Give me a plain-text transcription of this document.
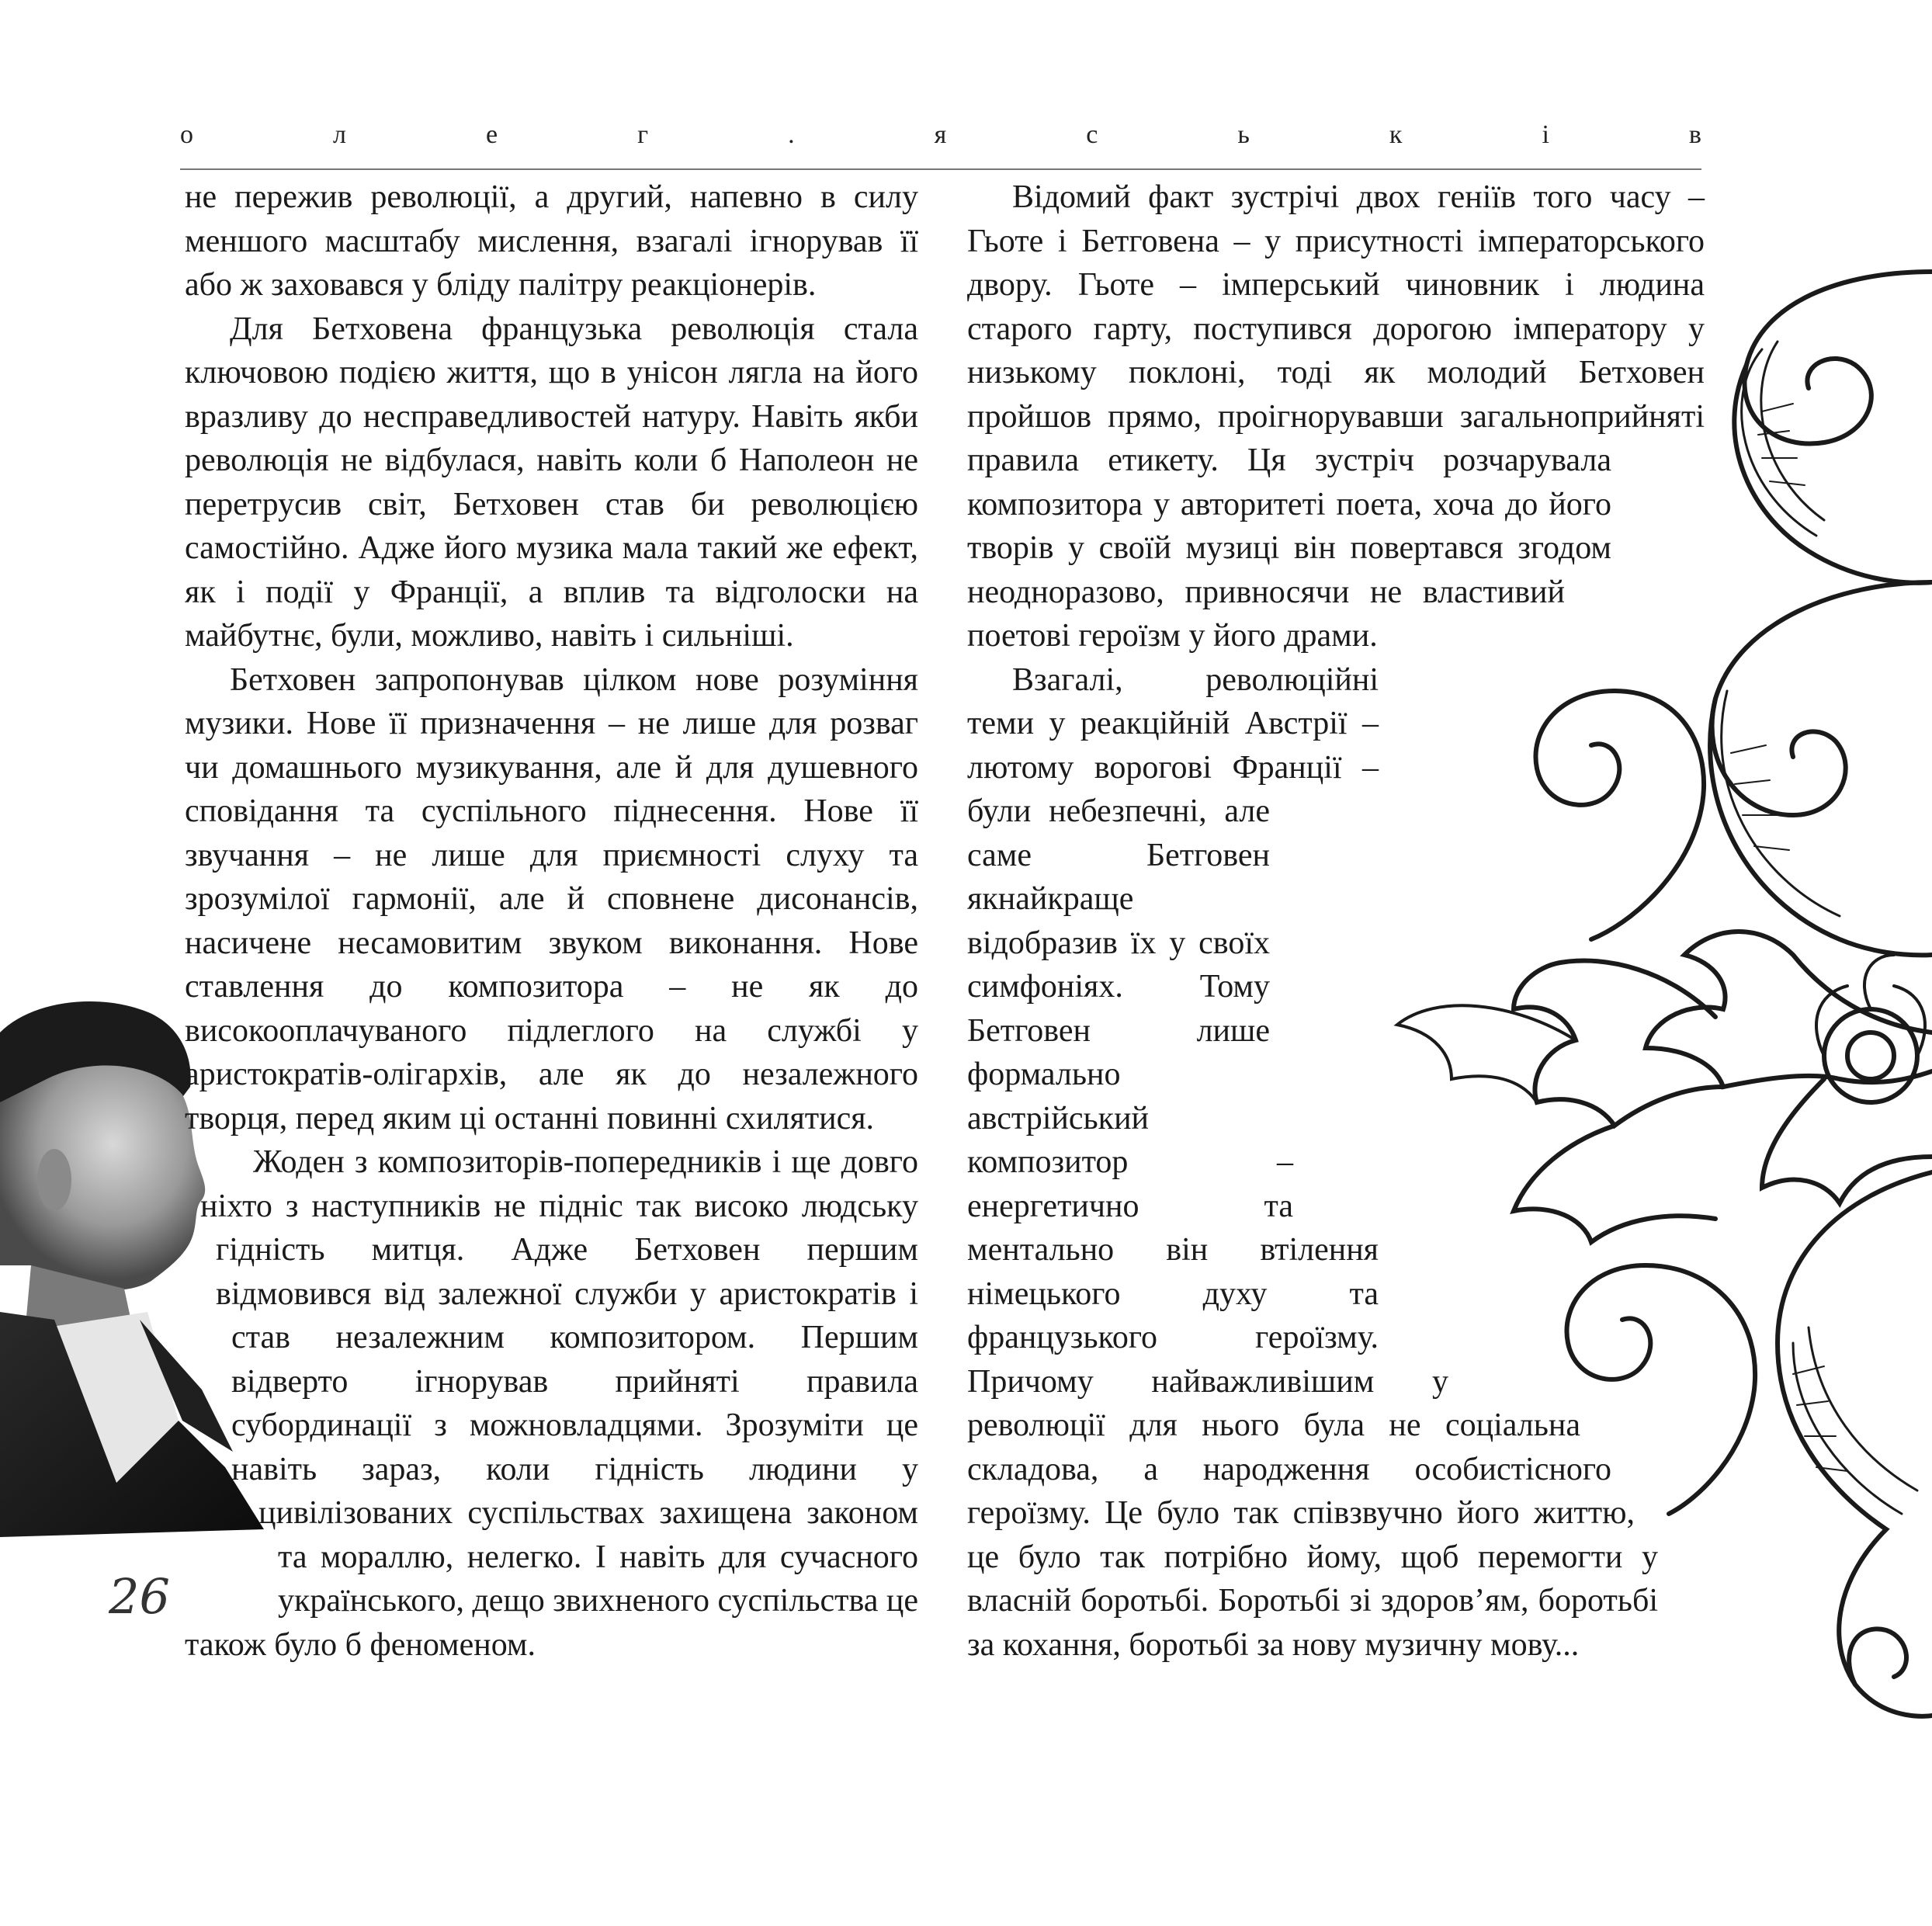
о	л	е	г	.	я	с	ь	к	і	в

не пережив революції, а другий, напевно в силу меншого масштабу мислення, взагалі ігнорував її або ж заховався у бліду палітру реакціонерів.

Для Бетховена французька революція стала ключовою подією життя, що в унісон лягла на його вразливу до несправедливостей натуру. Навіть якби революція не відбулася, навіть коли б Наполеон не перетрусив світ, Бетховен став би революцією самостійно. Адже його музика мала такий же ефект, як і події у Франції, а вплив та відголоски на майбутнє, були, можливо, навіть і сильніші.

Бетховен запропонував цілком нове розуміння музики. Нове її призначення – не лише для розваг чи домашнього музикування, але й для душевного сповідання та суспільного піднесення. Нове її звучання – не лише для приємності слуху та зрозумілої гармонії, але й сповнене дисонансів, насичене несамовитим звуком виконання. Нове ставлення до композитора – не як до високооплачуваного підлеглого на службі у аристократів-олігархів, але як до незалежного творця, перед яким ці останні повинні схилятися.

Жоден з композиторів-попередників і ще довго ніхто з наступників не підніс так високо людську гідність митця. Адже Бетховен першим відмовився від залежної служби у аристократів і став незалежним композитором. Першим відверто ігнорував прийняті правила субординації з можновладцями. Зрозуміти це навіть зараз, коли гідність людини у цивілізованих суспільствах захищена законом та мораллю, нелегко. І навіть для сучасного українського, дещо звихненого суспільства це також було б феноменом.

Відомий факт зустрічі двох геніїв того часу – Гьоте і Бетговена – у присутності імператорського двору. Гьоте – імперський чиновник і людина старого гарту, поступився дорогою імператору у низькому поклоні, тоді як молодий Бетховен пройшов прямо, проігнорувавши загальноприйняті правила етикету. Ця зустріч розчарувала композитора у авторитеті поета, хоча до його творів у своїй музиці він повертався згодом неодноразово, привносячи не властивий поетові героїзм у його драми.

Взагалі, революційні теми у реакційній Австрії – лютому ворогові Франції – були небезпечні, але саме Бетговен якнайкраще відобразив їх у своїх симфоніях. Тому Бетговен лише формально австрійський композитор – енергетично та ментально він втілення німецького духу та французького героїзму. Причому найважливішим у революції для нього була не соціальна складова, а народження особистісного героїзму. Це було так співзвучно його життю, це було так потрібно йому, щоб перемогти у власній боротьбі. Боротьбі зі здоров’ям, боротьбі за кохання, боротьбі за нову музичну мову...

26
